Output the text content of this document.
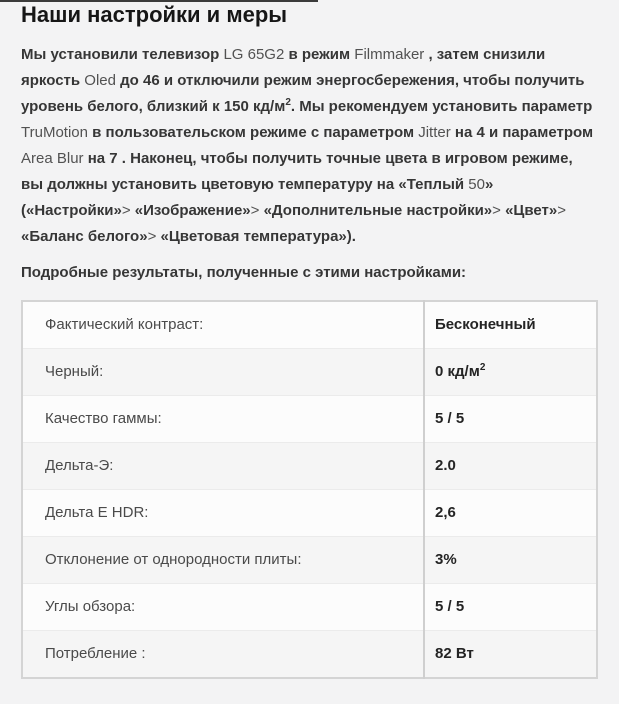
Наши настройки и меры

Мы установили телевизор LG 65G2 в режим Filmmaker , затем снизили яркость Oled до 46 и отключили режим энергосбережения, чтобы получить уровень белого, близкий к 150 $кд/м^2$. Мы рекомендуем установить параметр TruMotion в пользовательском режиме с параметром Jitter на 4 и параметром Area Blur на 7 . Наконец, чтобы получить точные цвета в игровом режиме, вы должны установить цветовую температуру на «Теплый 50» («Настройки»> «Изображение»> «Дополнительные настройки»> «Цвет»> «Баланс белого»> «Цветовая температура»).

Подробные результаты, полученные с этими настройками:

Фактический контраст:	Бесконечный
Черный:	0 $кд/м^2$
Качество гаммы:	5 / 5
Дельта-Э:	2.0
Дельта E HDR:	2,6
Отклонение от однородности плиты:	3%
Углы обзора:	5 / 5
Потребление :	82 Вт
